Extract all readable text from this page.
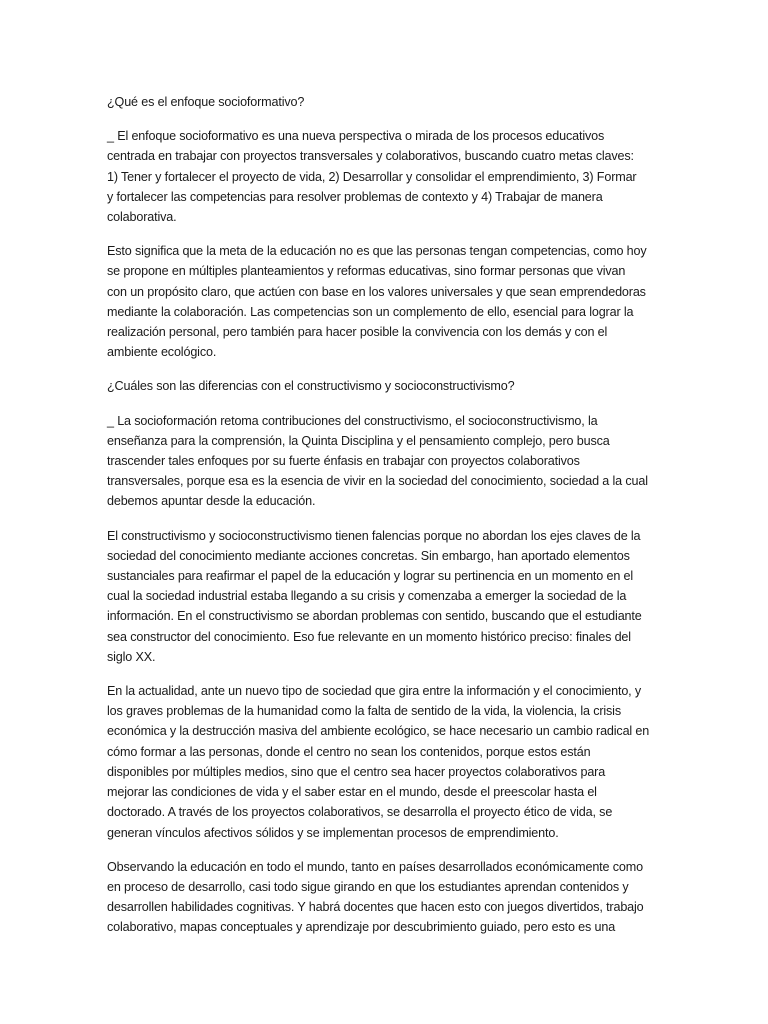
¿Qué es el enfoque socioformativo?

_ El enfoque socioformativo es una nueva perspectiva o mirada de los procesos educativos
centrada en trabajar con proyectos transversales y colaborativos, buscando cuatro metas claves:
1) Tener y fortalecer el proyecto de vida, 2) Desarrollar y consolidar el emprendimiento, 3) Formar
y fortalecer las competencias para resolver problemas de contexto y 4) Trabajar de manera
colaborativa.

Esto significa que la meta de la educación no es que las personas tengan competencias, como hoy
se propone en múltiples planteamientos y reformas educativas, sino formar personas que vivan
con un propósito claro, que actúen con base en los valores universales y que sean emprendedoras
mediante la colaboración. Las competencias son un complemento de ello, esencial para lograr la
realización personal, pero también para hacer posible la convivencia con los demás y con el
ambiente ecológico.

¿Cuáles son las diferencias con el constructivismo y socioconstructivismo?

_ La socioformación retoma contribuciones del constructivismo, el socioconstructivismo, la
enseñanza para la comprensión, la Quinta Disciplina y el pensamiento complejo, pero busca
trascender tales enfoques por su fuerte énfasis en trabajar con proyectos colaborativos
transversales, porque esa es la esencia de vivir en la sociedad del conocimiento, sociedad a la cual
debemos apuntar desde la educación.

El constructivismo y socioconstructivismo tienen falencias porque no abordan los ejes claves de la
sociedad del conocimiento mediante acciones concretas. Sin embargo, han aportado elementos
sustanciales para reafirmar el papel de la educación y lograr su pertinencia en un momento en el
cual la sociedad industrial estaba llegando a su crisis y comenzaba a emerger la sociedad de la
información. En el constructivismo se abordan problemas con sentido, buscando que el estudiante
sea constructor del conocimiento. Eso fue relevante en un momento histórico preciso: finales del
siglo XX.

En la actualidad, ante un nuevo tipo de sociedad que gira entre la información y el conocimiento, y
los graves problemas de la humanidad como la falta de sentido de la vida, la violencia, la crisis
económica y la destrucción masiva del ambiente ecológico, se hace necesario un cambio radical en
cómo formar a las personas, donde el centro no sean los contenidos, porque estos están
disponibles por múltiples medios, sino que el centro sea hacer proyectos colaborativos para
mejorar las condiciones de vida y el saber estar en el mundo, desde el preescolar hasta el
doctorado. A través de los proyectos colaborativos, se desarrolla el proyecto ético de vida, se
generan vínculos afectivos sólidos y se implementan procesos de emprendimiento.

Observando la educación en todo el mundo, tanto en países desarrollados económicamente como
en proceso de desarrollo, casi todo sigue girando en que los estudiantes aprendan contenidos y
desarrollen habilidades cognitivas. Y habrá docentes que hacen esto con juegos divertidos, trabajo
colaborativo, mapas conceptuales y aprendizaje por descubrimiento guiado, pero esto es una
